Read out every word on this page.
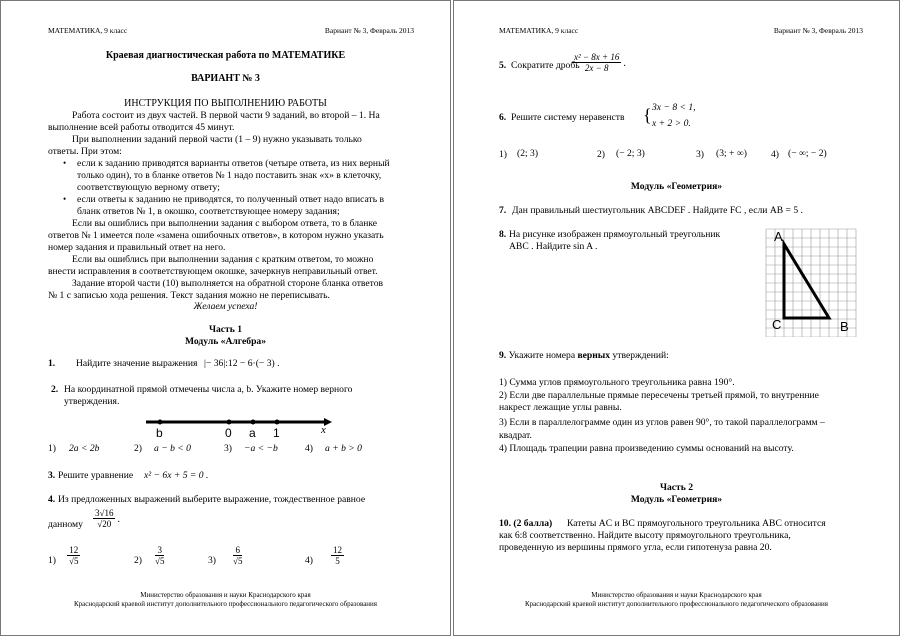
МАТЕМАТИКА, 9 класс	Вариант № 3, Февраль 2013
Краевая диагностическая работа по МАТЕМАТИКЕ
ВАРИАНТ № 3
ИНСТРУКЦИЯ ПО ВЫПОЛНЕНИЮ РАБОТЫ
Работа состоит из двух частей. В первой части 9 заданий, во второй – 1. На
выполнение всей работы отводится 45 минут.
При выполнении заданий первой части (1 – 9) нужно указывать только
ответы. При этом:
• если к заданию приводятся варианты ответов (четыре ответа, из них верный
только один), то в бланке ответов № 1 надо поставить знак «x» в клеточку,
соответствующую верному ответу;
• если ответы к заданию не приводятся, то полученный ответ надо вписать в
бланк ответов № 1, в окошко, соответствующее номеру задания;
Если вы ошиблись при выполнении задания с выбором ответа, то в бланке
ответов № 1 имеется поле «замена ошибочных ответов», в котором нужно указать
номер задания и правильный ответ на него.
Если вы ошиблись при выполнении задания с кратким ответом, то можно
внести исправления в соответствующем окошке, зачеркнув неправильный ответ.
Задание второй части (10) выполняется на обратной стороне бланка ответов
№ 1 с записью хода решения. Текст задания можно не переписывать.
Желаем успеха!
Часть 1
Модуль «Алгебра»
1. Найдите значение выражения |− 36|:12 − 6·(− 3) .
2. На координатной прямой отмечены числа a, b. Укажите номер верного
утверждения.
b	0 a 1	x
1) 2a < 2b	2) a − b < 0	3) −a < −b	4) a + b > 0
3. Решите уравнение x² − 6x + 5 = 0 .
4. Из предложенных выражений выберите выражение, тождественное равное
данному $\frac{3√16}{√20}$ .
$1) \frac{12}{√5}$	$2) \frac{3}{√5}$	$3) \frac{6}{√5}$	$4) \frac{12}{5}$
Министерство образования и науки Краснодарского края
Краснодарский краевой институт дополнительного профессионального педагогического образования
МАТЕМАТИКА, 9 класс	Вариант № 3, Февраль 2013
5. Сократите дробь
$\frac{\text{x² − 8x + 16}}{2x - 8}$ .
6. Решите систему неравенств { 3x − 8 < 1,
x + 2 > 0.
1) (2; 3)	2) (− 2; 3)	3) (3; + ∞)	4) (− ∞; − 2)
Модуль «Геометрия»
7. Дан правильный шестиугольник ABCDEF . Найдите FC , если AB = 5 .
8. На рисунке изображен прямоугольный треугольник
ABC . Найдите sin A .
A
C	B
9. Укажите номера верных утверждений:
1) Сумма углов прямоугольного треугольника равна 190°.
2) Если две параллельные прямые пересечены третьей прямой, то внутренние
накрест лежащие углы равны.
3) Если в параллелограмме один из углов равен 90°, то такой параллелограмм –
квадрат.
4) Площадь трапеции равна произведению суммы оснований на высоту.
Часть 2
Модуль «Геометрия»
10. (2 балла) Катеты AC и BC прямоугольного треугольника ABC относится
как 6:8 соответственно. Найдите высоту прямоугольного треугольника,
проведенную из вершины прямого угла, если гипотенуза равна 20.
Министерство образования и науки Краснодарского края
Краснодарский краевой институт дополнительного профессионального педагогического образования
